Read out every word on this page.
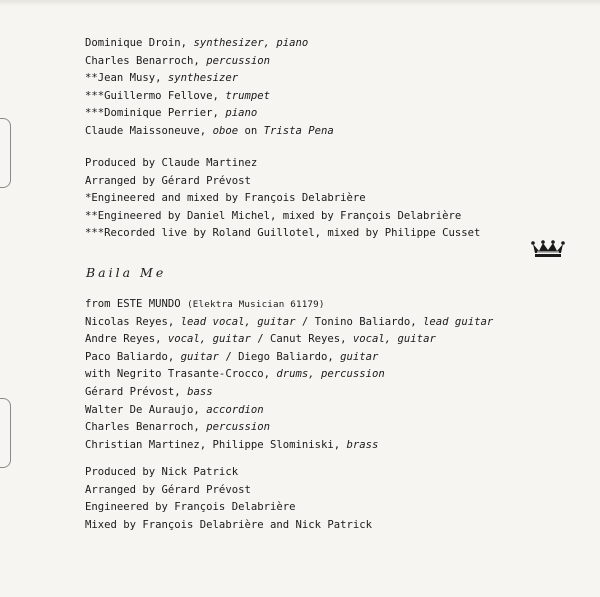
Dominique Droin, synthesizer, piano
Charles Benarroch, percussion
**Jean Musy, synthesizer
***Guillermo Fellove, trumpet
***Dominique Perrier, piano
Claude Maissoneuve, oboe on Trista Pena
Produced by Claude Martinez
Arranged by Gérard Prévost
*Engineered and mixed by François Delabrière
**Engineered by Daniel Michel, mixed by François Delabrière
***Recorded live by Roland Guillotel, mixed by Philippe Cusset
Baila Me
from ESTE MUNDO (Elektra Musician 61179)
Nicolas Reyes, lead vocal, guitar / Tonino Baliardo, lead guitar
Andre Reyes, vocal, guitar / Canut Reyes, vocal, guitar
Paco Baliardo, guitar / Diego Baliardo, guitar
with Negrito Trasante-Crocco, drums, percussion
Gérard Prévost, bass
Walter De Auraujo, accordion
Charles Benarroch, percussion
Christian Martinez, Philippe Slominiski, brass
Produced by Nick Patrick
Arranged by Gérard Prévost
Engineered by François Delabrière
Mixed by François Delabrière and Nick Patrick
